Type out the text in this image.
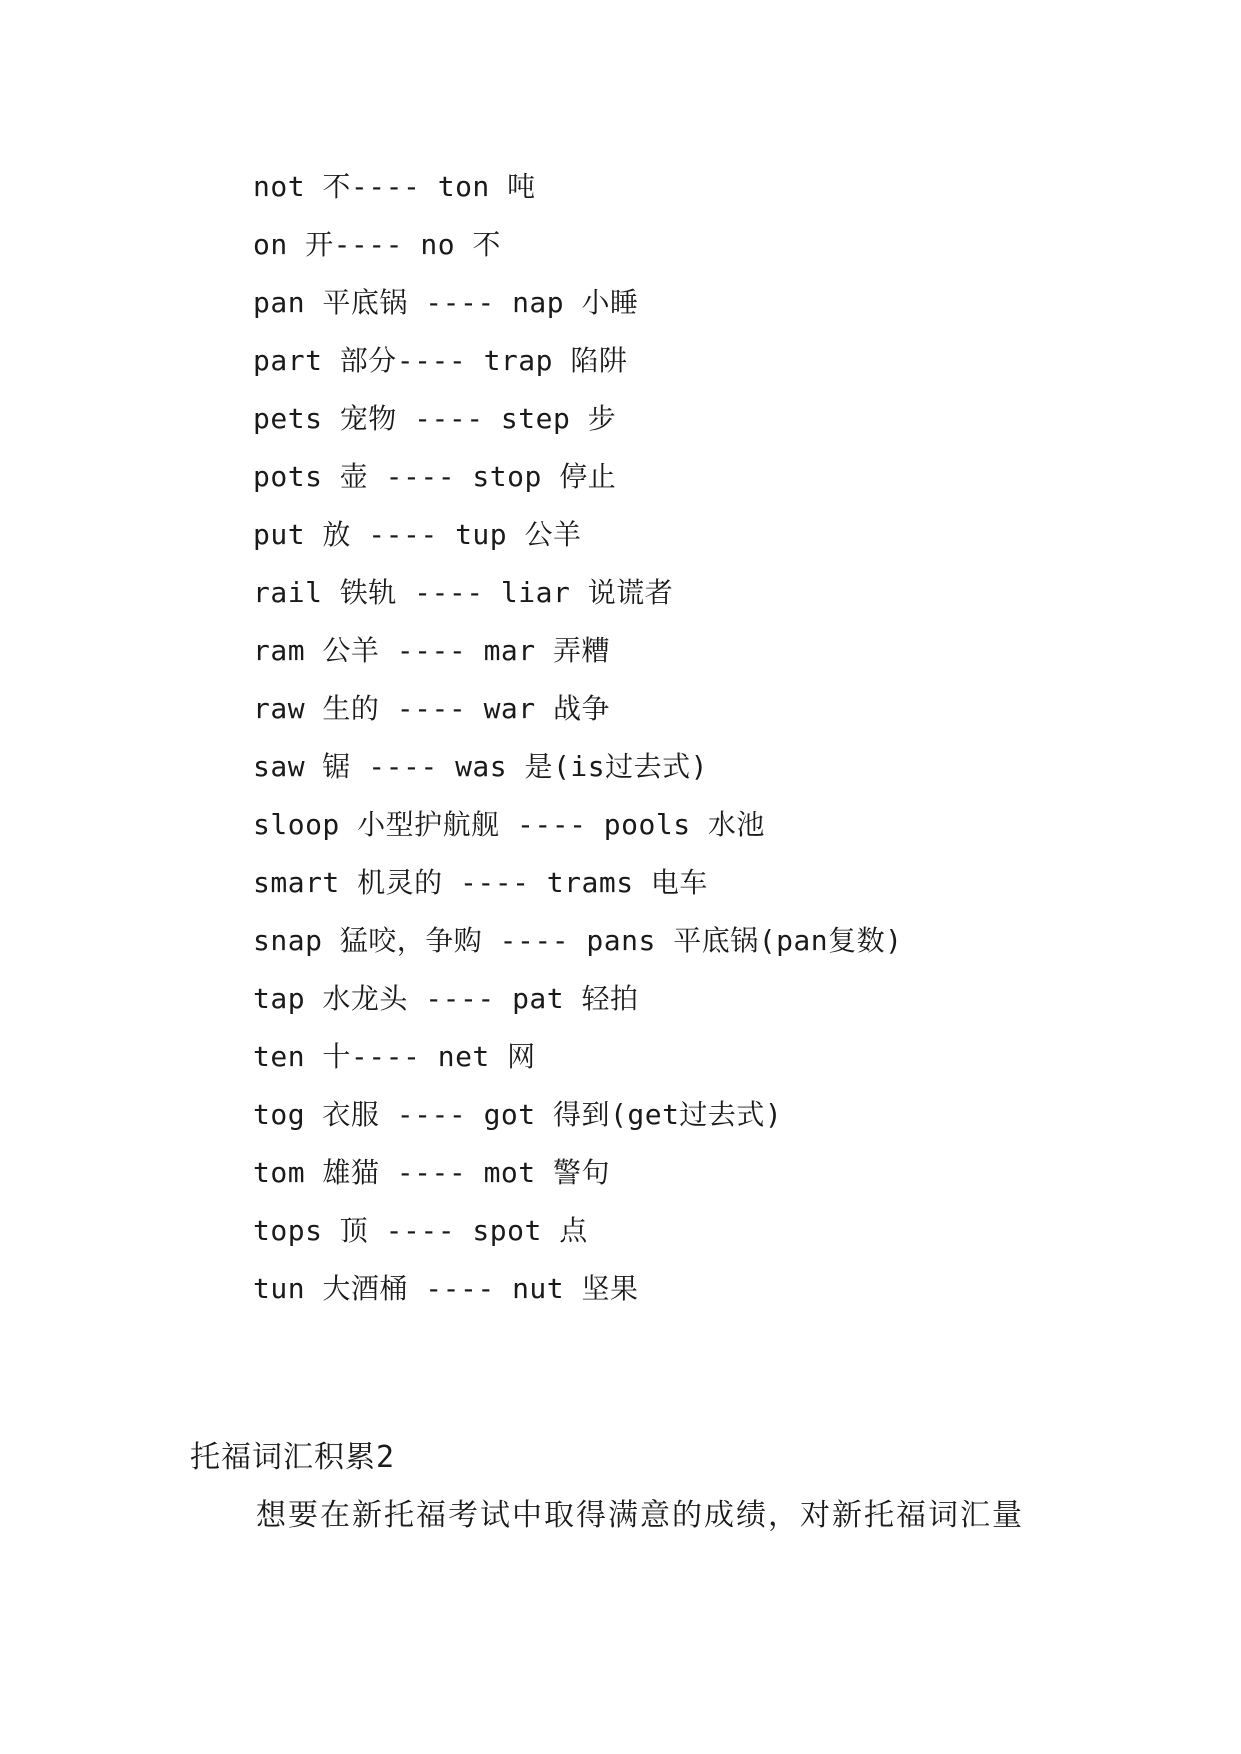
not 不---- ton 吨
on 开---- no 不
pan 平底锅 ---- nap 小睡
part 部分---- trap 陷阱
pets 宠物 ---- step 步
pots 壶 ---- stop 停止
put 放 ---- tup 公羊
rail 铁轨 ---- liar 说谎者
ram 公羊 ---- mar 弄糟
raw 生的 ---- war 战争
saw 锯 ---- was 是(is过去式)
sloop 小型护航舰 ---- pools 水池
smart 机灵的 ---- trams 电车
snap 猛咬，争购 ---- pans 平底锅(pan复数)
tap 水龙头 ---- pat 轻拍
ten 十---- net 网
tog 衣服 ---- got 得到(get过去式)
tom 雄猫 ---- mot 警句
tops 顶 ---- spot 点
tun 大酒桶 ---- nut 坚果
托福词汇积累2
想要在新托福考试中取得满意的成绩，对新托福词汇量
